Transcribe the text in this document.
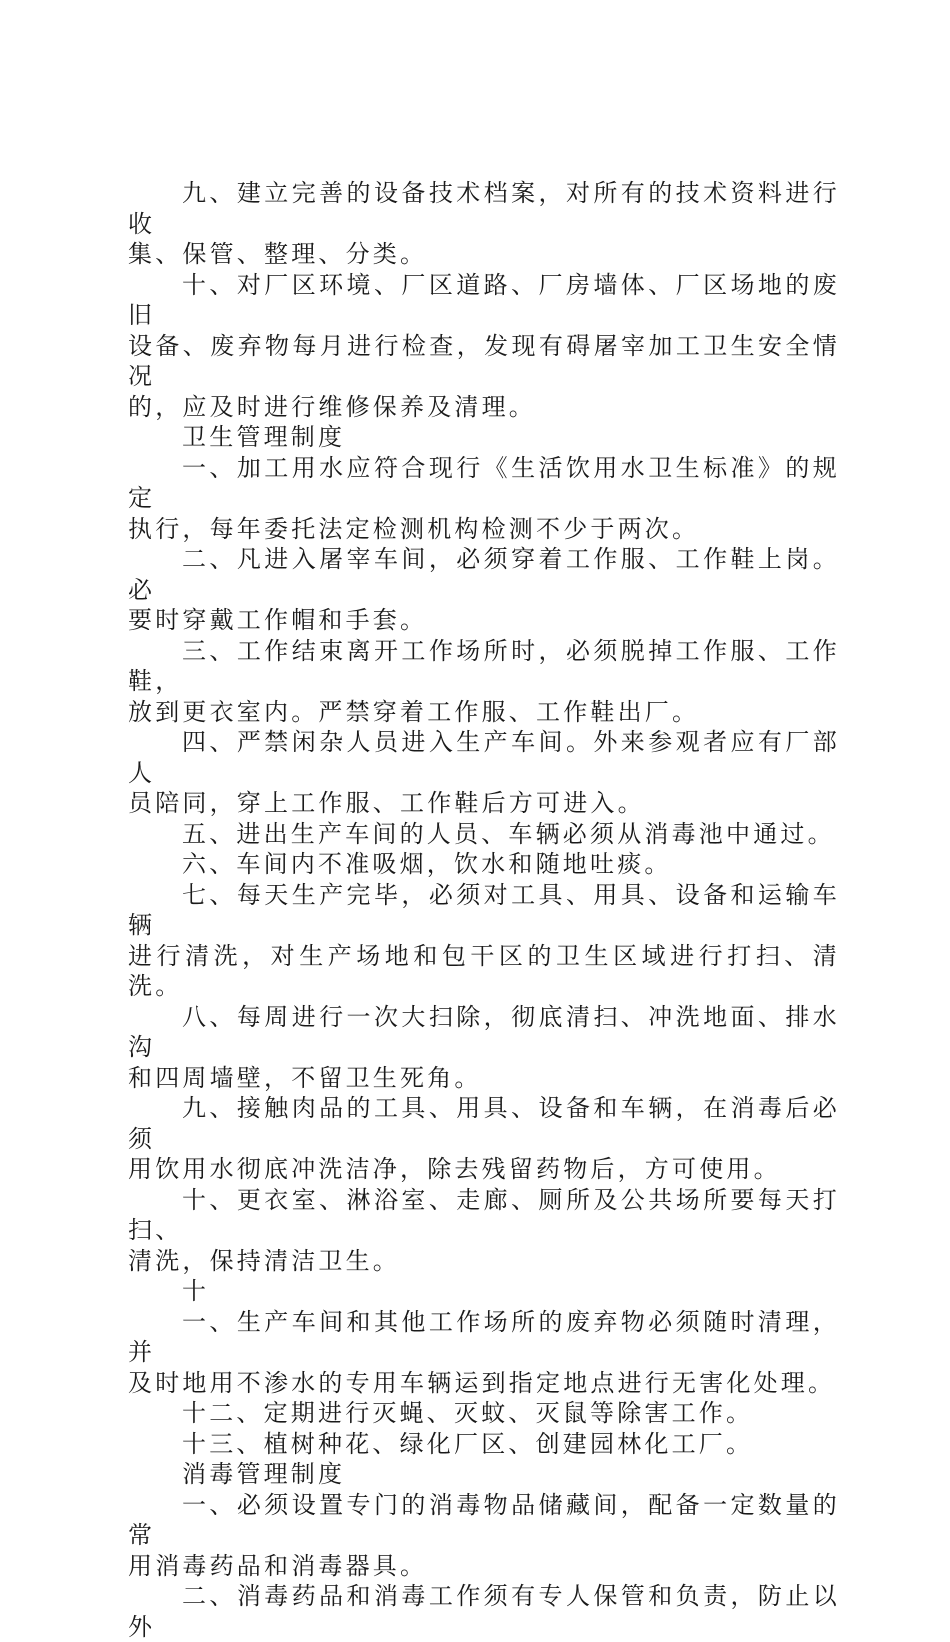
九、建立完善的设备技术档案，对所有的技术资料进行收
集、保管、整理、分类。

十、对厂区环境、厂区道路、厂房墙体、厂区场地的废旧
设备、废弃物每月进行检查，发现有碍屠宰加工卫生安全情况
的，应及时进行维修保养及清理。

卫生管理制度

一、加工用水应符合现行《生活饮用水卫生标准》的规定
执行，每年委托法定检测机构检测不少于两次。

二、凡进入屠宰车间，必须穿着工作服、工作鞋上岗。必
要时穿戴工作帽和手套。

三、工作结束离开工作场所时，必须脱掉工作服、工作鞋，
放到更衣室内。严禁穿着工作服、工作鞋出厂。

四、严禁闲杂人员进入生产车间。外来参观者应有厂部人
员陪同，穿上工作服、工作鞋后方可进入。

五、进出生产车间的人员、车辆必须从消毒池中通过。

六、车间内不准吸烟，饮水和随地吐痰。

七、每天生产完毕，必须对工具、用具、设备和运输车辆
进行清洗，对生产场地和包干区的卫生区域进行打扫、清洗。

八、每周进行一次大扫除，彻底清扫、冲洗地面、排水沟
和四周墙壁，不留卫生死角。

九、接触肉品的工具、用具、设备和车辆，在消毒后必须
用饮用水彻底冲洗洁净，除去残留药物后，方可使用。

十、更衣室、淋浴室、走廊、厕所及公共场所要每天打扫、
清洗，保持清洁卫生。

十

一、生产车间和其他工作场所的废弃物必须随时清理，并
及时地用不渗水的专用车辆运到指定地点进行无害化处理。

十二、定期进行灭蝇、灭蚊、灭鼠等除害工作。

十三、植树种花、绿化厂区、创建园林化工厂。

消毒管理制度

一、必须设置专门的消毒物品储藏间，配备一定数量的常
用消毒药品和消毒器具。

二、消毒药品和消毒工作须有专人保管和负责，防止以外
